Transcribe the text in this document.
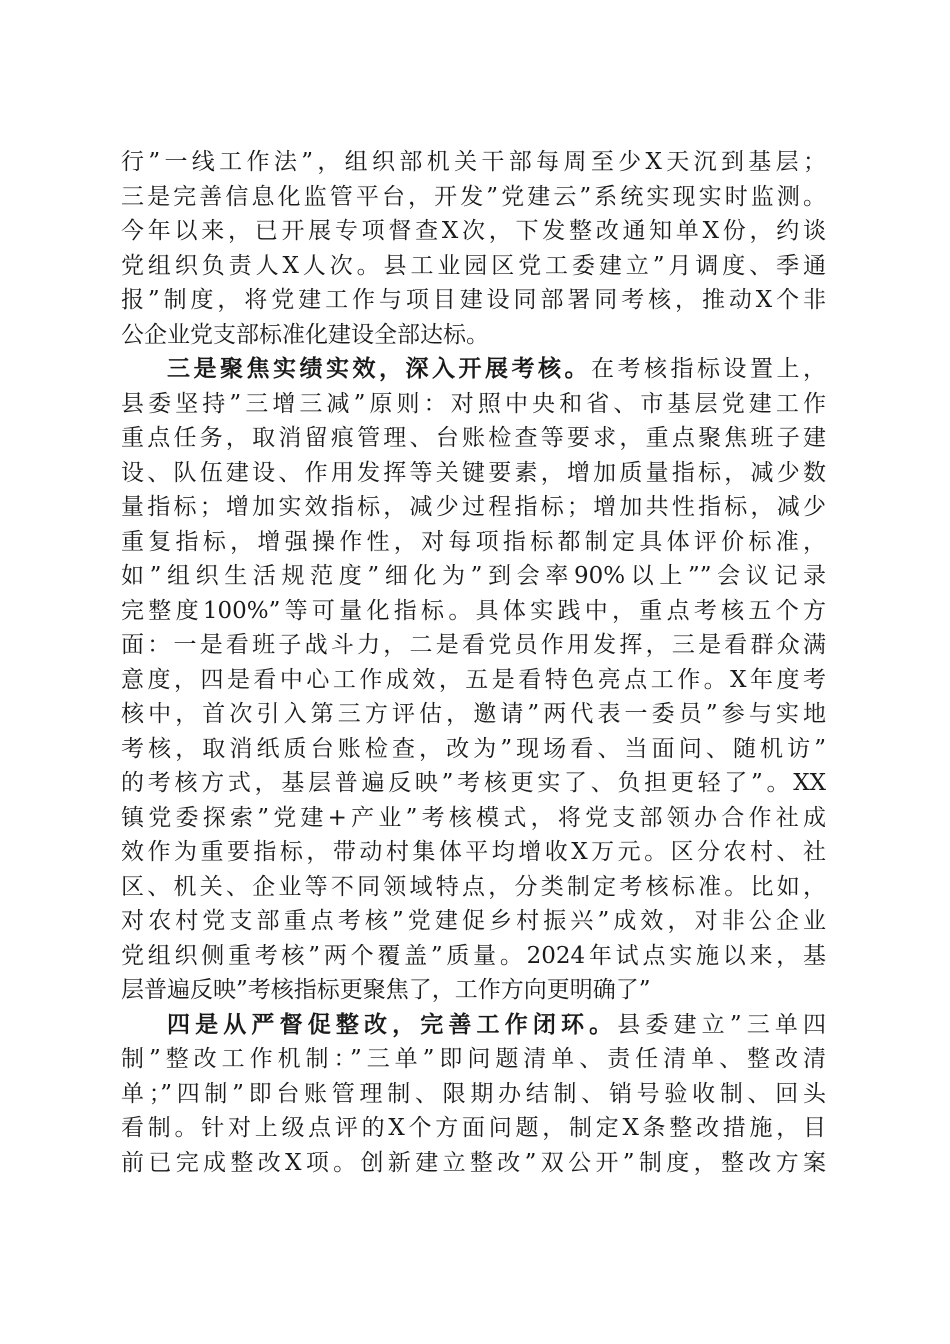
行”一线工作法”，组织部机关干部每周至少X天沉到基层；
三是完善信息化监管平台，开发”党建云”系统实现实时监测。
今年以来，已开展专项督查X次，下发整改通知单X份，约谈
党组织负责人X人次。县工业园区党工委建立”月调度、季通
报”制度，将党建工作与项目建设同部署同考核，推动X个非
公企业党支部标准化建设全部达标。
三是聚焦实绩实效，深入开展考核。在考核指标设置上，
县委坚持”三增三减”原则：对照中央和省、市基层党建工作
重点任务，取消留痕管理、台账检查等要求，重点聚焦班子建
设、队伍建设、作用发挥等关键要素，增加质量指标，减少数
量指标；增加实效指标，减少过程指标；增加共性指标，减少
重复指标，增强操作性，对每项指标都制定具体评价标准，
如”组织生活规范度”细化为”到会率90%以上””会议记录
完整度100%”等可量化指标。具体实践中，重点考核五个方
面：一是看班子战斗力，二是看党员作用发挥，三是看群众满
意度，四是看中心工作成效，五是看特色亮点工作。X年度考
核中，首次引入第三方评估，邀请”两代表一委员”参与实地
考核，取消纸质台账检查，改为”现场看、当面问、随机访”
的考核方式，基层普遍反映”考核更实了、负担更轻了”。XX
镇党委探索”党建+产业”考核模式，将党支部领办合作社成
效作为重要指标，带动村集体平均增收X万元。区分农村、社
区、机关、企业等不同领域特点，分类制定考核标准。比如，
对农村党支部重点考核”党建促乡村振兴”成效，对非公企业
党组织侧重考核”两个覆盖”质量。2024年试点实施以来，基
层普遍反映”考核指标更聚焦了，工作方向更明确了”
四是从严督促整改，完善工作闭环。县委建立”三单四
制”整改工作机制：”三单”即问题清单、责任清单、整改清
单；”四制”即台账管理制、限期办结制、销号验收制、回头
看制。针对上级点评的X个方面问题，制定X条整改措施，目
前已完成整改X项。创新建立整改”双公开”制度，整改方案
